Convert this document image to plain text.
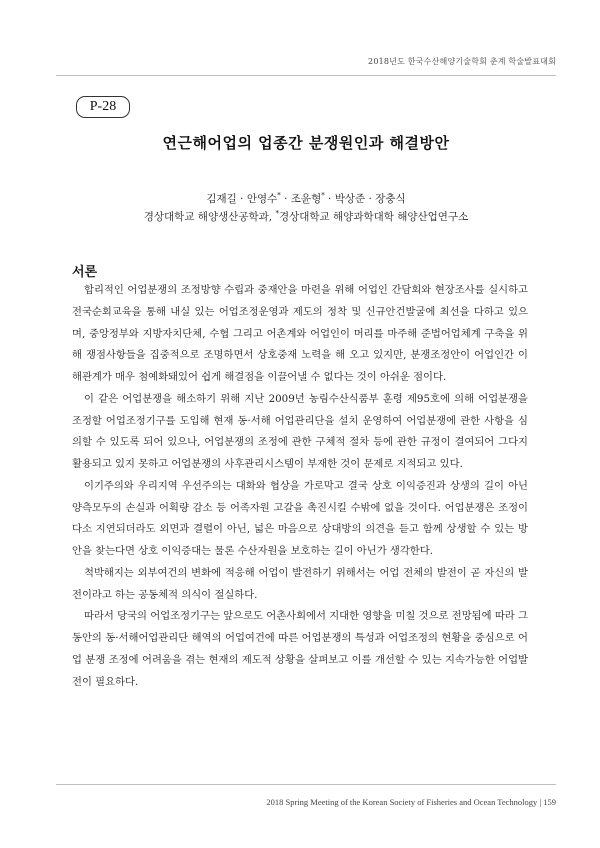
2018년도 한국수산해양기술학회 춘계 학술발표대회
P-28
연근해어업의 업종간 분쟁원인과 해결방안
김재길 · 안영수* · 조윤형* · 박상준 · 장충식
경상대학교 해양생산공학과, *경상대학교 해양과학대학 해양산업연구소
서론

합리적인 어업분쟁의 조정방향 수립과 중재안을 마련을 위해 어업인 간담회와 현장조사를 실시하고 전국순회교육을 통해 내실 있는 어업조정운영과 제도의 정착 및 신규안건발굴에 최선을 다하고 있으며, 중앙정부와 지방자치단체, 수협 그리고 어촌계와 어업인이 머리를 마주해 준법어업체계 구축을 위해 쟁점사항들을 집중적으로 조명하면서 상호중재 노력을 해 오고 있지만, 분쟁조정안이 어업인간 이해관계가 매우 첨예화돼있어 쉽게 해결점을 이끌어낼 수 없다는 것이 아쉬운 점이다.

이 같은 어업분쟁을 해소하기 위해 지난 2009년 농림수산식품부 훈령 제95호에 의해 어업분쟁을 조정할 어업조정기구를 도입해 현재 동·서해 어업관리단을 설치 운영하여 어업분쟁에 관한 사항을 심의할 수 있도록 되어 있으나, 어업분쟁의 조정에 관한 구체적 절차 등에 관한 규정이 결여되어 그다지 활용되고 있지 못하고 어업분쟁의 사후관리시스템이 부재한 것이 문제로 지적되고 있다.

이기주의와 우리지역 우선주의는 대화와 협상을 가로막고 결국 상호 이익증진과 상생의 길이 아닌 양측모두의 손실과 어획량 감소 등 어족자원 고갈을 촉진시킬 수밖에 없을 것이다. 어업분쟁은 조정이 다소 지연되더라도 외면과 결렬이 아닌, 넓은 마음으로 상대방의 의견을 듣고 함께 상생할 수 있는 방안을 찾는다면 상호 이익증대는 물론 수산자원을 보호하는 길이 아닌가 생각한다.

척박해지는 외부여건의 변화에 적응해 어업이 발전하기 위해서는 어업 전체의 발전이 곧 자신의 발전이라고 하는 공동체적 의식이 절실하다.

따라서 당국의 어업조정기구는 앞으로도 어촌사회에서 지대한 영향을 미칠 것으로 전망됨에 따라 그동안의 동·서해어업관리단 해역의 어업여건에 따른 어업분쟁의 특성과 어업조정의 현황을 중심으로 어업 분쟁 조정에 어려움을 겪는 현재의 제도적 상황을 살펴보고 이를 개선할 수 있는 지속가능한 어업발전이 필요하다.

2018 Spring Meeting of the Korean Society of Fisheries and Ocean Technology | 159
